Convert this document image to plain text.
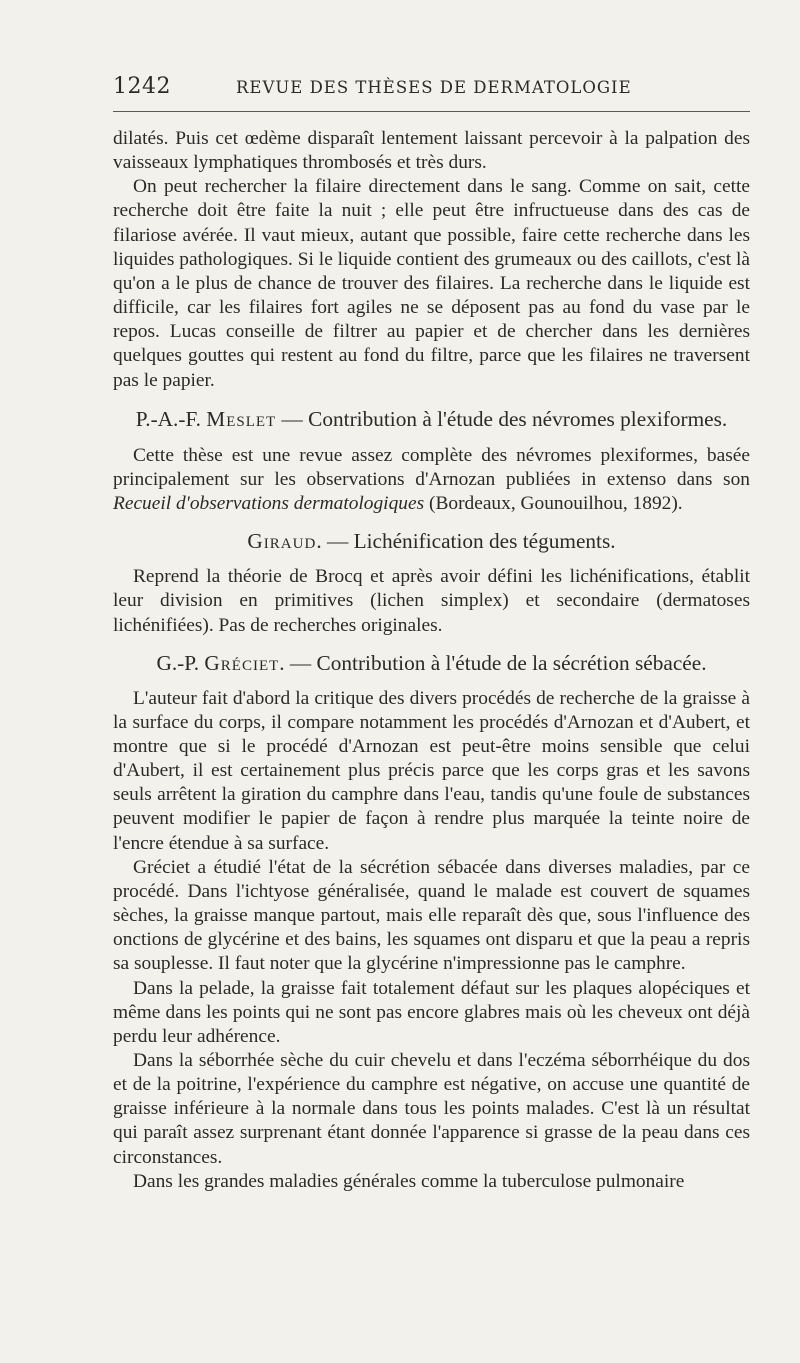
1242	REVUE DES THÈSES DE DERMATOLOGIE

dilatés. Puis cet œdème disparaît lentement laissant percevoir à la palpation des vaisseaux lymphatiques thrombosés et très durs.

On peut rechercher la filaire directement dans le sang. Comme on sait, cette recherche doit être faite la nuit ; elle peut être infructueuse dans des cas de filariose avérée. Il vaut mieux, autant que possible, faire cette recherche dans les liquides pathologiques. Si le liquide contient des grumeaux ou des caillots, c'est là qu'on a le plus de chance de trouver des filaires. La recherche dans le liquide est difficile, car les filaires fort agiles ne se déposent pas au fond du vase par le repos. Lucas conseille de filtrer au papier et de chercher dans les dernières quelques gouttes qui restent au fond du filtre, parce que les filaires ne traversent pas le papier.

P.-A.-F. Meslet — Contribution à l'étude des névromes plexiformes.

Cette thèse est une revue assez complète des névromes plexiformes, basée principalement sur les observations d'Arnozan publiées in extenso dans son Recueil d'observations dermatologiques (Bordeaux, Gounouilhou, 1892).

Giraud. — Lichénification des téguments.

Reprend la théorie de Brocq et après avoir défini les lichénifications, établit leur division en primitives (lichen simplex) et secondaire (dermatoses lichénifiées). Pas de recherches originales.

G.-P. Gréciet. — Contribution à l'étude de la sécrétion sébacée.

L'auteur fait d'abord la critique des divers procédés de recherche de la graisse à la surface du corps, il compare notamment les procédés d'Arnozan et d'Aubert, et montre que si le procédé d'Arnozan est peut-être moins sensible que celui d'Aubert, il est certainement plus précis parce que les corps gras et les savons seuls arrêtent la giration du camphre dans l'eau, tandis qu'une foule de substances peuvent modifier le papier de façon à rendre plus marquée la teinte noire de l'encre étendue à sa surface.

Gréciet a étudié l'état de la sécrétion sébacée dans diverses maladies, par ce procédé. Dans l'ichtyose généralisée, quand le malade est couvert de squames sèches, la graisse manque partout, mais elle reparaît dès que, sous l'influence des onctions de glycérine et des bains, les squames ont disparu et que la peau a repris sa souplesse. Il faut noter que la glycérine n'impressionne pas le camphre.

Dans la pelade, la graisse fait totalement défaut sur les plaques alopéciques et même dans les points qui ne sont pas encore glabres mais où les cheveux ont déjà perdu leur adhérence.

Dans la séborrhée sèche du cuir chevelu et dans l'eczéma séborrhéique du dos et de la poitrine, l'expérience du camphre est négative, on accuse une quantité de graisse inférieure à la normale dans tous les points malades. C'est là un résultat qui paraît assez surprenant étant donnée l'apparence si grasse de la peau dans ces circonstances.

Dans les grandes maladies générales comme la tuberculose pulmonaire
